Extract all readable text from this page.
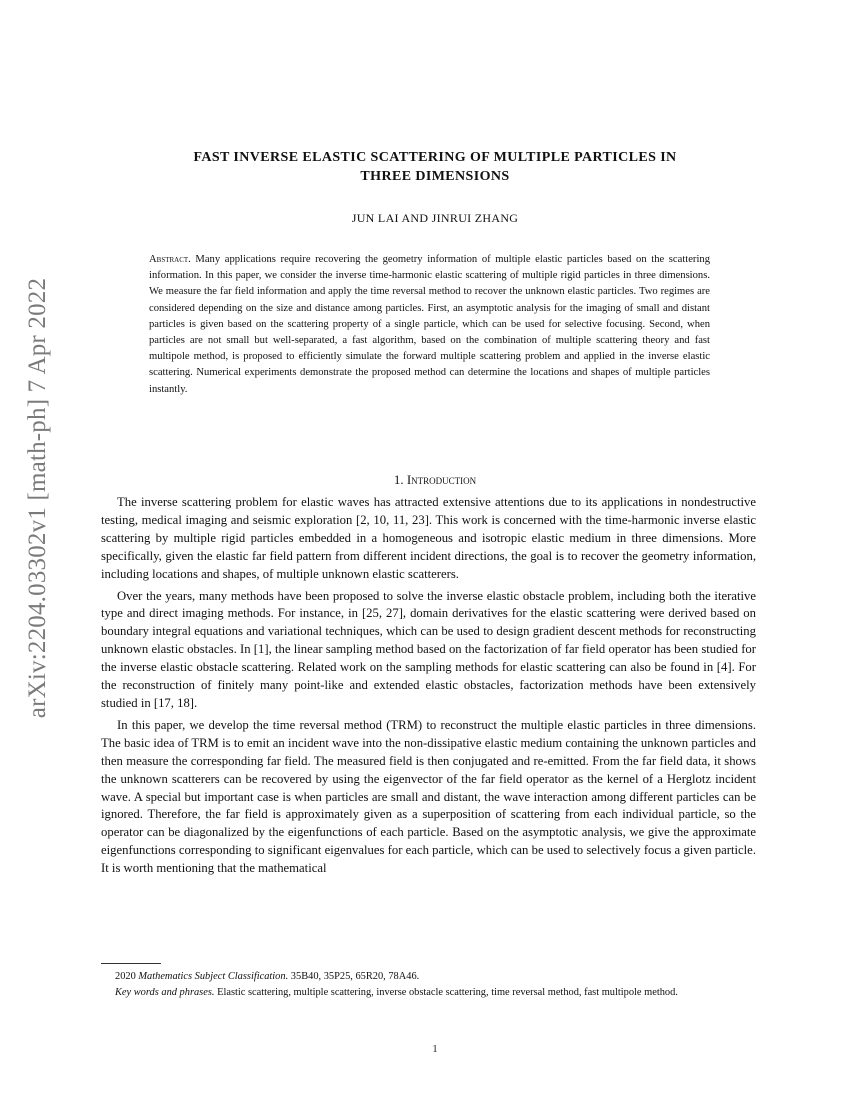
arXiv:2204.03302v1 [math-ph] 7 Apr 2022
FAST INVERSE ELASTIC SCATTERING OF MULTIPLE PARTICLES IN
THREE DIMENSIONS
JUN LAI AND JINRUI ZHANG
Abstract. Many applications require recovering the geometry information of multiple elastic particles based on the scattering information. In this paper, we consider the inverse time-harmonic elastic scattering of multiple rigid particles in three dimensions. We measure the far field information and apply the time reversal method to recover the unknown elastic particles. Two regimes are considered depending on the size and distance among particles. First, an asymptotic analysis for the imaging of small and distant particles is given based on the scattering property of a single particle, which can be used for selective focusing. Second, when particles are not small but well-separated, a fast algorithm, based on the combination of multiple scattering theory and fast multipole method, is proposed to efficiently simulate the forward multiple scattering problem and applied in the inverse elastic scattering. Numerical experiments demonstrate the proposed method can determine the locations and shapes of multiple particles instantly.
1. Introduction

The inverse scattering problem for elastic waves has attracted extensive attentions due to its applications in nondestructive testing, medical imaging and seismic exploration [2, 10, 11, 23]. This work is concerned with the time-harmonic inverse elastic scattering by multiple rigid particles embedded in a homogeneous and isotropic elastic medium in three dimensions. More specifically, given the elastic far field pattern from different incident directions, the goal is to recover the geometry information, including locations and shapes, of multiple unknown elastic scatterers.

Over the years, many methods have been proposed to solve the inverse elastic obstacle problem, including both the iterative type and direct imaging methods. For instance, in [25, 27], domain derivatives for the elastic scattering were derived based on boundary integral equations and variational techniques, which can be used to design gradient descent methods for reconstructing unknown elastic obstacles. In [1], the linear sampling method based on the factorization of far field operator has been studied for the inverse elastic obstacle scattering. Related work on the sampling methods for elastic scattering can also be found in [4]. For the reconstruction of finitely many point-like and extended elastic obstacles, factorization methods have been extensively studied in [17, 18].

In this paper, we develop the time reversal method (TRM) to reconstruct the multiple elastic particles in three dimensions. The basic idea of TRM is to emit an incident wave into the non-dissipative elastic medium containing the unknown particles and then measure the corresponding far field. The measured field is then conjugated and re-emitted. From the far field data, it shows the unknown scatterers can be recovered by using the eigenvector of the far field operator as the kernel of a Herglotz incident wave. A special but important case is when particles are small and distant, the wave interaction among different particles can be ignored. Therefore, the far field is approximately given as a superposition of scattering from each individual particle, so the operator can be diagonalized by the eigenfunctions of each particle. Based on the asymptotic analysis, we give the approximate eigenfunctions corresponding to significant eigenvalues for each particle, which can be used to selectively focus a given particle. It is worth mentioning that the mathematical

2020 Mathematics Subject Classification. 35B40, 35P25, 65R20, 78A46.

Key words and phrases. Elastic scattering, multiple scattering, inverse obstacle scattering, time reversal method, fast multipole method.

1
